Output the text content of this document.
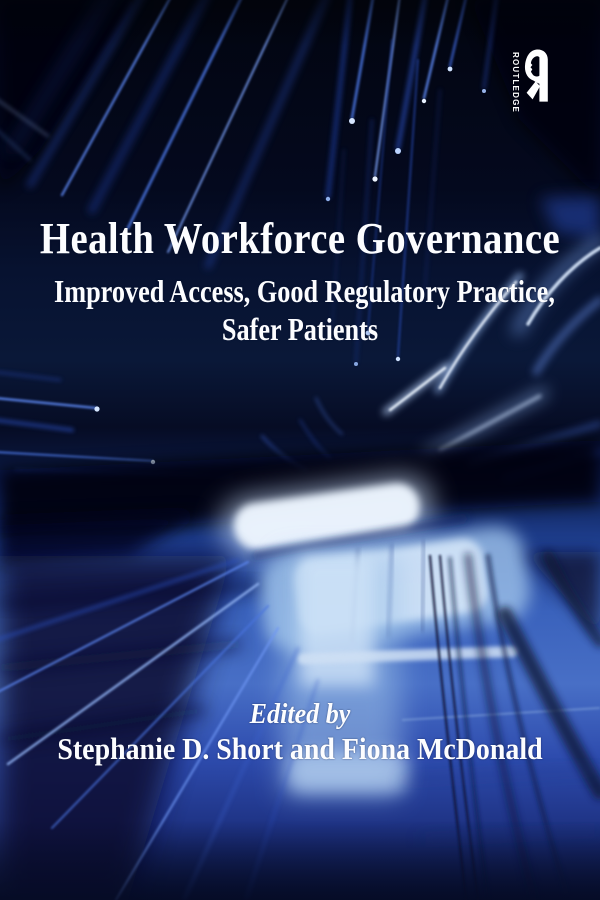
ROUTLEDGE
Health Workforce Governance
Improved Access, Good Regulatory Practice,
Safer Patients
Edited by
Stephanie D. Short and Fiona McDonald
